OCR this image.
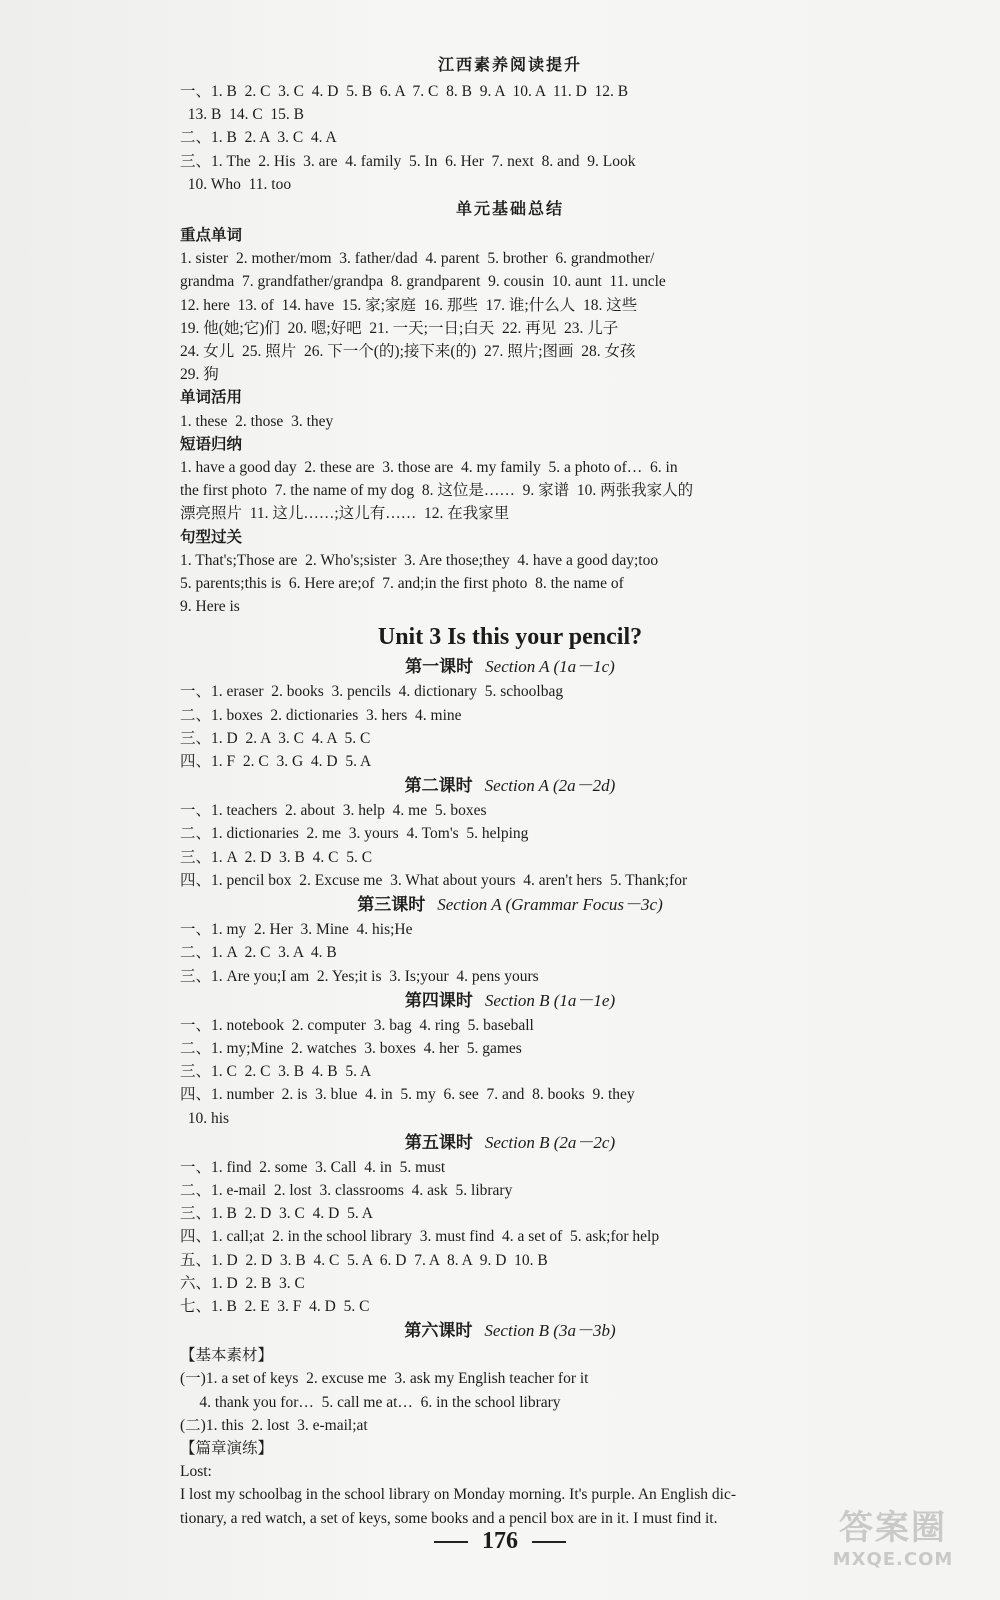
江西素养阅读提升
一、1. B  2. C  3. C  4. D  5. B  6. A  7. C  8. B  9. A  10. A  11. D  12. B
13. B  14. C  15. B
二、1. B  2. A  3. C  4. A
三、1. The  2. His  3. are  4. family  5. In  6. Her  7. next  8. and  9. Look
10. Who  11. too
单元基础总结
重点单词
1. sister  2. mother/mom  3. father/dad  4. parent  5. brother  6. grandmother/
grandma  7. grandfather/grandpa  8. grandparent  9. cousin  10. aunt  11. uncle
12. here  13. of  14. have  15. 家;家庭  16. 那些  17. 谁;什么人  18. 这些
19. 他(她;它)们  20. 嗯;好吧  21. 一天;一日;白天  22. 再见  23. 儿子
24. 女儿  25. 照片  26. 下一个(的);接下来(的)  27. 照片;图画  28. 女孩
29. 狗
单词活用
1. these  2. those  3. they
短语归纳
1. have a good day  2. these are  3. those are  4. my family  5. a photo of…  6. in
the first photo  7. the name of my dog  8. 这位是……  9. 家谱  10. 两张我家人的
漂亮照片  11. 这儿……;这儿有……  12. 在我家里
句型过关
1. That's;Those are  2. Who's;sister  3. Are those;they  4. have a good day;too
5. parents;this is  6. Here are;of  7. and;in the first photo  8. the name of
9. Here is
Unit 3 Is this your pencil?
第一课时 Section A (1a－1c)
一、1. eraser  2. books  3. pencils  4. dictionary  5. schoolbag
二、1. boxes  2. dictionaries  3. hers  4. mine
三、1. D  2. A  3. C  4. A  5. C
四、1. F  2. C  3. G  4. D  5. A
第二课时 Section A (2a－2d)
一、1. teachers  2. about  3. help  4. me  5. boxes
二、1. dictionaries  2. me  3. yours  4. Tom's  5. helping
三、1. A  2. D  3. B  4. C  5. C
四、1. pencil box  2. Excuse me  3. What about yours  4. aren't hers  5. Thank;for
第三课时 Section A (Grammar Focus－3c)
一、1. my  2. Her  3. Mine  4. his;He
二、1. A  2. C  3. A  4. B
三、1. Are you;I am  2. Yes;it is  3. Is;your  4. pens yours
第四课时 Section B (1a－1e)
一、1. notebook  2. computer  3. bag  4. ring  5. baseball
二、1. my;Mine  2. watches  3. boxes  4. her  5. games
三、1. C  2. C  3. B  4. B  5. A
四、1. number  2. is  3. blue  4. in  5. my  6. see  7. and  8. books  9. they
10. his
第五课时 Section B (2a－2c)
一、1. find  2. some  3. Call  4. in  5. must
二、1. e-mail  2. lost  3. classrooms  4. ask  5. library
三、1. B  2. D  3. C  4. D  5. A
四、1. call;at  2. in the school library  3. must find  4. a set of  5. ask;for help
五、1. D  2. D  3. B  4. C  5. A  6. D  7. A  8. A  9. D  10. B
六、1. D  2. B  3. C
七、1. B  2. E  3. F  4. D  5. C
第六课时 Section B (3a－3b)
【基本素材】
(一)1. a set of keys  2. excuse me  3. ask my English teacher for it
4. thank you for…  5. call me at…  6. in the school library
(二)1. this  2. lost  3. e-mail;at
【篇章演练】
Lost:
I lost my schoolbag in the school library on Monday morning. It's purple. An English dic-
tionary, a red watch, a set of keys, some books and a pencil box are in it. I must find it.
176	答案圈
MXQE.COM
